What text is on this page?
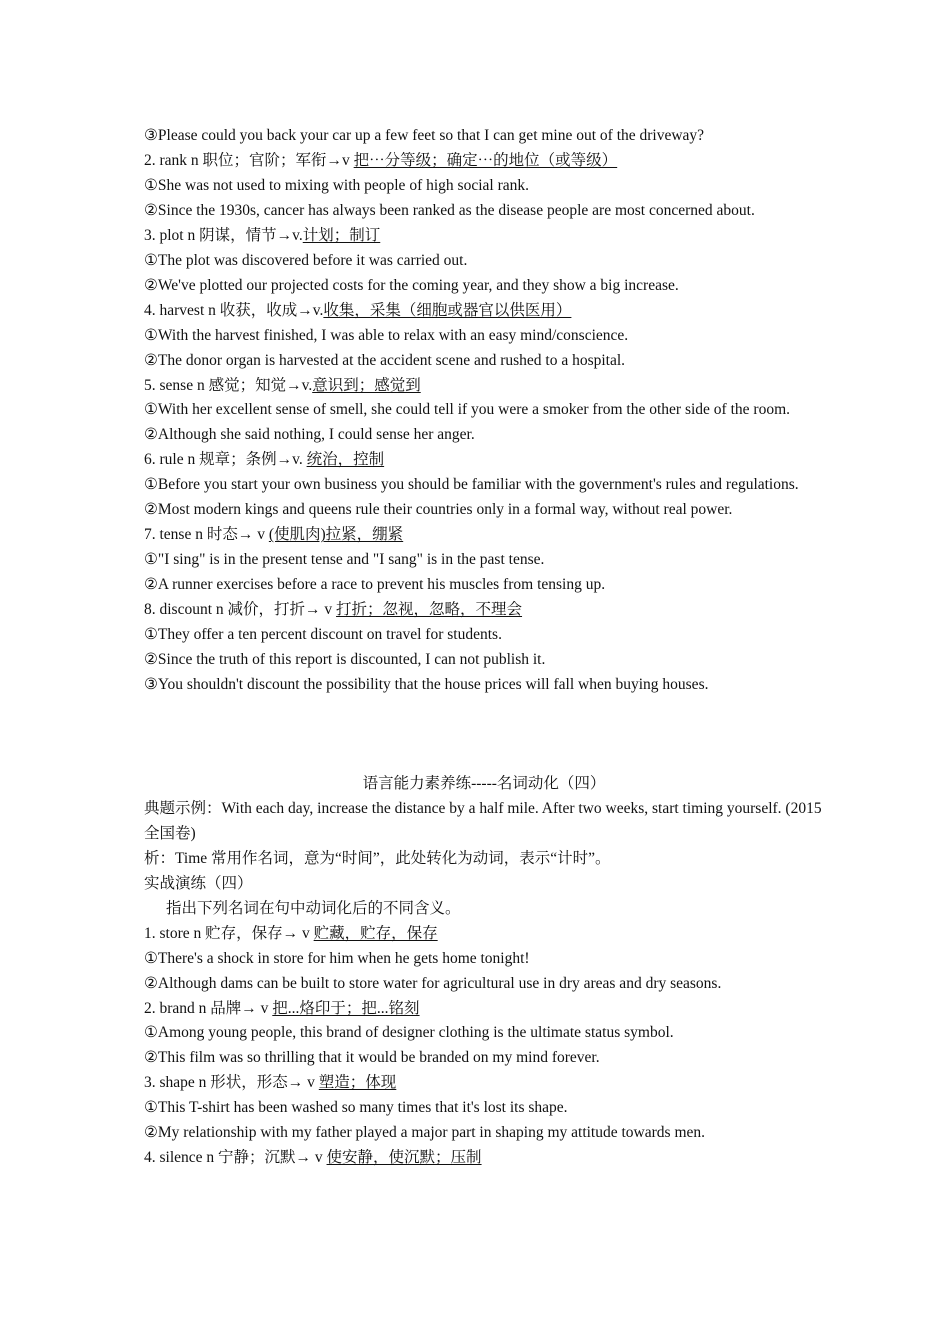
③Please could you back your car up a few feet so that I can get mine out of the driveway?
2. rank n 职位；官阶；军衔→v 把⋯分等级；确定⋯的地位（或等级）
①She was not used to mixing with people of high social rank.
②Since the 1930s, cancer has always been ranked as the disease people are most concerned about.
3. plot n 阴谋，情节→v.计划；制订
①The plot was discovered before it was carried out.
②We've plotted our projected costs for the coming year, and they show a big increase.
4. harvest n 收获，收成→v.收集，采集（细胞或器官以供医用）
①With the harvest finished, I was able to relax with an easy mind/conscience.
②The donor organ is harvested at the accident scene and rushed to a hospital.
5. sense n 感觉；知觉→v.意识到；感觉到
①With her excellent sense of smell, she could tell if you were a smoker from the other side of the room.
②Although she said nothing, I could sense her anger.
6. rule n 规章；条例→v. 统治，控制
①Before you start your own business you should be familiar with the government's rules and regulations.
②Most modern kings and queens rule their countries only in a formal way, without real power.
7. tense n 时态→ v (使肌肉)拉紧，绷紧
①"I sing" is in the present tense and "I sang" is in the past tense.
②A runner exercises before a race to prevent his muscles from tensing up.
8. discount n 减价，打折→ v 打折；忽视，忽略，不理会
①They offer a ten percent discount on travel for students.
②Since the truth of this report is discounted, I can not publish it.
③You shouldn't discount the possibility that the house prices will fall when buying houses.
语言能力素养练-----名词动化（四）
典题示例：With each day, increase the distance by a half mile. After two weeks, start timing yourself. (2015 全国卷)
析：Time 常用作名词，意为“时间”，此处转化为动词，表示“计时”。
实战演练（四）
指出下列名词在句中动词化后的不同含义。
1. store n 贮存，保存→ v 贮藏，贮存，保存
①There's a shock in store for him when he gets home tonight!
②Although dams can be built to store water for agricultural use in dry areas and dry seasons.
2. brand n 品牌→ v 把...烙印于；把...铭刻
①Among young people, this brand of designer clothing is the ultimate status symbol.
②This film was so thrilling that it would be branded on my mind forever.
3. shape n 形状，形态→ v 塑造；体现
①This T-shirt has been washed so many times that it's lost its shape.
②My relationship with my father played a major part in shaping my attitude towards men.
4. silence n 宁静；沉默→ v 使安静，使沉默；压制
